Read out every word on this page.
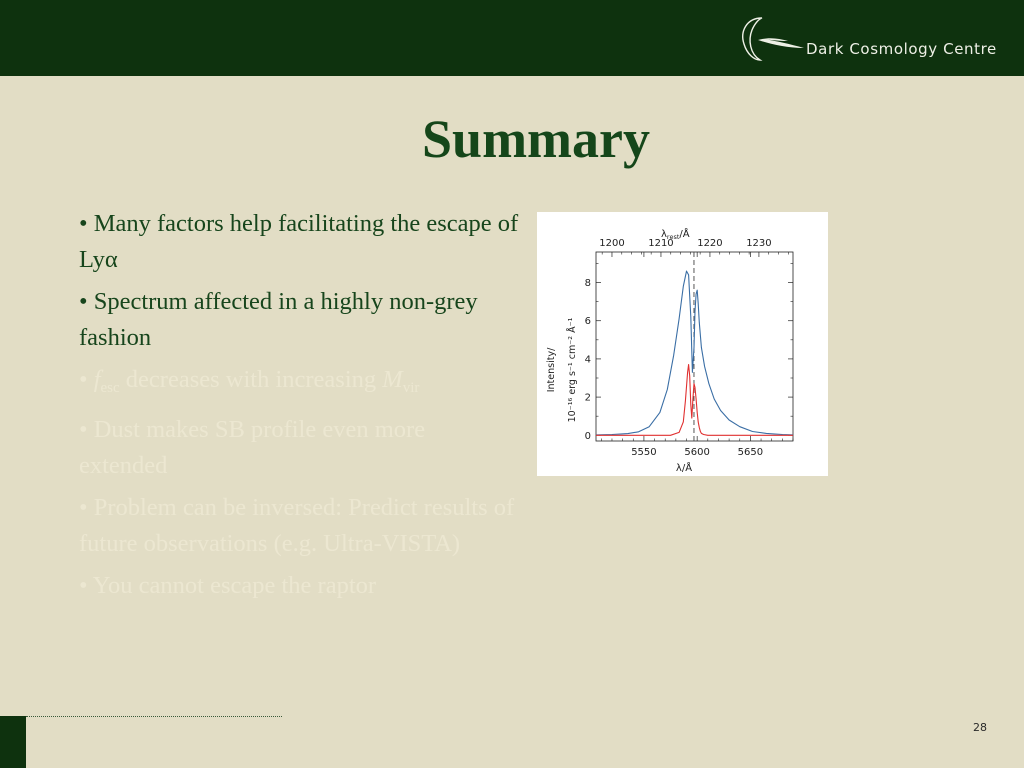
Dark Cosmology Centre
Summary
• Many factors help facilitating the escape of Lyα
• Spectrum affected in a highly non-grey fashion
• $f_{esc}$ decreases with increasing $M_{vir}$
• Dust makes SB profile even more extended
• Problem can be inversed: Predict results of future observations (e.g. Ultra-VISTA)
• You cannot escape the raptor
5550	5600	5650
1200 1210 1220 1230
0
2
4
6
8
$\lambda_{rest}/Å$
λ/Å
Intensity/ 10⁻¹⁶ erg s⁻¹ cm⁻² Å⁻¹
28
